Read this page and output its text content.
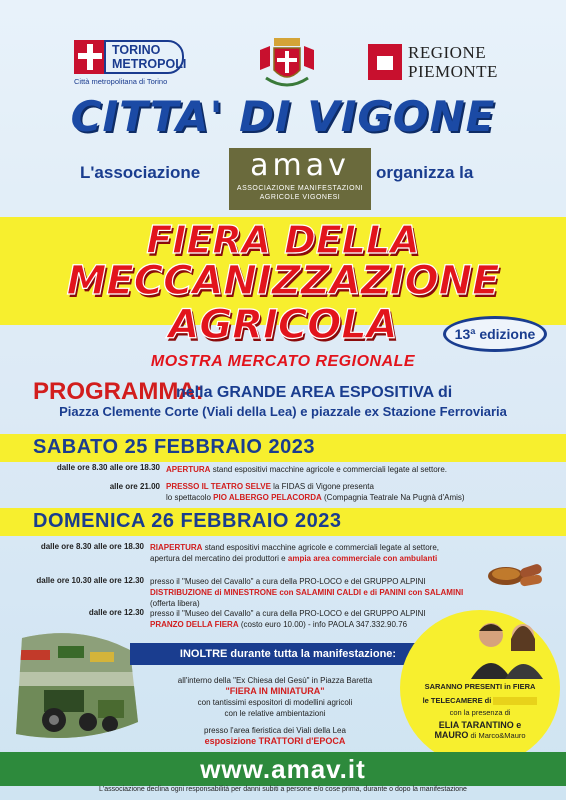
TORINO
METROPOLI
Città metropolitana di Torino
REGIONE
PIEMONTE
CITTA' DI VIGONE
L'associazione	amav
ASSOCIAZIONE MANIFESTAZIONI
AGRICOLE VIGONESI
organizza la
FIERA DELLA
MECCANIZZAZIONE
AGRICOLA	13ª edizione
MOSTRA MERCATO REGIONALE
PROGRAMMA:
nella GRANDE AREA ESPOSITIVA di
Piazza Clemente Corte (Viali della Lea) e piazzale ex Stazione Ferroviaria
SABATO 25 FEBBRAIO 2023
dalle ore 8.30 alle ore 18.30 APERTURA stand espositivi macchine agricole e commerciali legate al settore.
alle ore 21.00 PRESSO IL TEATRO SELVE la FIDAS di Vigone presenta
lo spettacolo PIO ALBERGO PELACORDA (Compagnia Teatrale Na Pugnà d'Amis)
DOMENICA 26 FEBBRAIO 2023
dalle ore 8.30 alle ore 18.30 RIAPERTURA stand espositivi macchine agricole e commerciali legate al settore,
apertura del mercatino dei produttori e ampia area commerciale con ambulanti
dalle ore 10.30 alle ore 12.30 presso il "Museo del Cavallo" a cura della PRO-LOCO e del GRUPPO ALPINI
DISTRIBUZIONE di MINESTRONE con SALAMINI CALDI e di PANINI con SALAMINI (offerta libera)
dalle ore 12.30 presso il "Museo del Cavallo" a cura della PRO-LOCO e del GRUPPO ALPINI
PRANZO DELLA FIERA (costo euro 10.00) - info PAOLA 347.332.90.76
INOLTRE durante tutta la manifestazione:
all'interno della "Ex Chiesa del Gesù" in Piazza Baretta
"FIERA IN MINIATURA"
con tantissimi espositori di modellini agricoli
con le relative ambientazioni
presso l'area fieristica dei Viali della Lea
esposizione TRATTORI d'EPOCA
SARANNO PRESENTI in FIERA
le TELECAMERE di
con la presenza di
ELIA TARANTINO e
MAURO di Marco&Mauro
www.amav.it
L'associazione declina ogni responsabilità per danni subiti a persone e/o cose prima, durante o dopo la manifestazione
